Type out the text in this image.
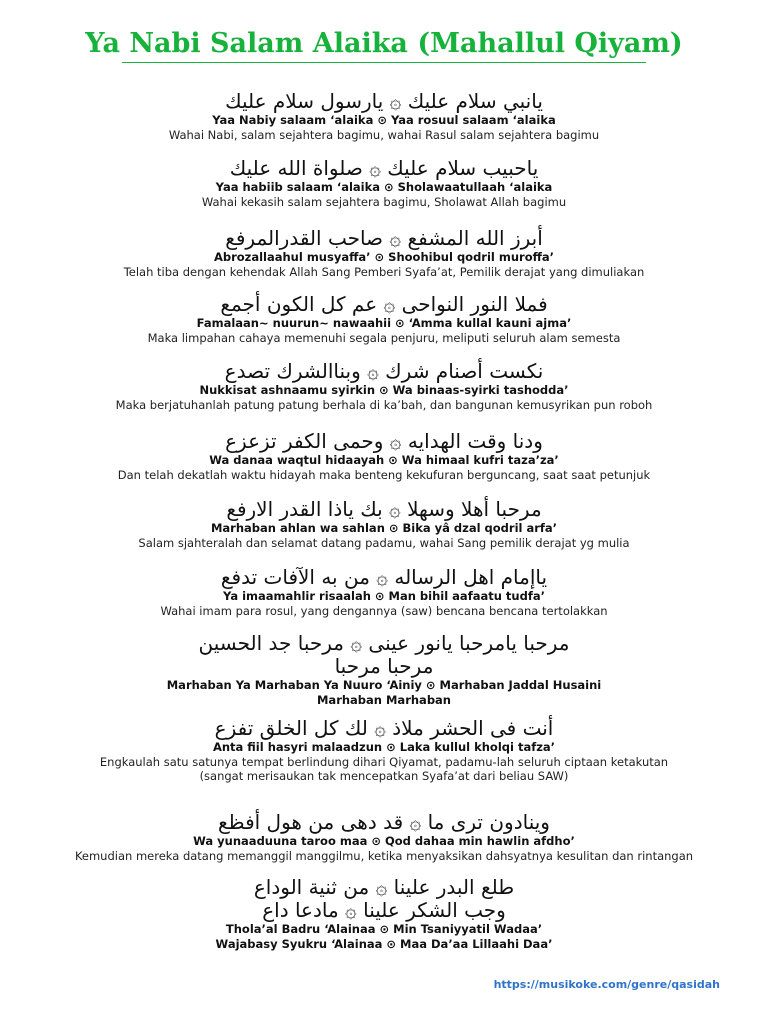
Ya Nabi Salam Alaika (Mahallul Qiyam)
يانبي سلام عليك ۞ يارسول سلام عليك
Yaa Nabiy salaam ‘alaika ⊙ Yaa rosuul salaam ‘alaika
Wahai Nabi, salam sejahtera bagimu, wahai Rasul salam sejahtera bagimu
ياحبيب سلام عليك ۞ صلواة الله عليك
Yaa habiib salaam ‘alaika ⊙ Sholawaatullaah ‘alaika
Wahai kekasih salam sejahtera bagimu, Sholawat Allah bagimu
أبرز الله المشفع ۞ صاحب القدرالمرفع
Abrozallaahul musyaffa’ ⊙ Shoohibul qodril muroffa’
Telah tiba dengan kehendak Allah Sang Pemberi Syafa’at, Pemilik derajat yang dimuliakan
فملا النور النواحى ۞ عم كل الكون أجمع
Famalaan~ nuurun~ nawaahii ⊙ ‘Amma kullal kauni ajma’
Maka limpahan cahaya memenuhi segala penjuru, meliputi seluruh alam semesta
نكست أصنام شرك ۞ وبناالشرك تصدع
Nukkisat ashnaamu syirkin ⊙ Wa binaas-syirki tashodda’
Maka berjatuhanlah patung patung berhala di ka’bah, dan bangunan kemusyrikan pun roboh
ودنا وقت الهدايه ۞ وحمى الكفر تزعزع
Wa danaa waqtul hidaayah ⊙ Wa himaal kufri taza’za’
Dan telah dekatlah waktu hidayah maka benteng kekufuran berguncang, saat saat petunjuk
مرحبا أهلا وسهلا ۞ بك ياذا القدر الارفع
Marhaban ahlan wa sahlan ⊙ Bika yâ dzal qodril arfa’
Salam sjahteralah dan selamat datang padamu, wahai Sang pemilik derajat yg mulia
ياإمام اهل الرساله ۞ من به الآفات تدفع
Ya imaamahlir risaalah ⊙ Man bihil aafaatu tudfa’
Wahai imam para rosul, yang dengannya (saw) bencana bencana tertolakkan
مرحبا يامرحبا يانور عينى ۞ مرحبا جد الحسين
مرحبا مرحبا
Marhaban Ya Marhaban Ya Nuuro ‘Ainiy ⊙ Marhaban Jaddal Husaini
Marhaban Marhaban
أنت فى الحشر ملاذ ۞ لك كل الخلق تفزع
Anta fiil hasyri malaadzun ⊙ Laka kullul kholqi tafza’
Engkaulah satu satunya tempat berlindung dihari Qiyamat, padamu-lah seluruh ciptaan ketakutan
(sangat merisaukan tak mencepatkan Syafa’at dari beliau SAW)
وينادون ترى ما ۞ قد دهى من هول أفظع
Wa yunaaduuna taroo maa ⊙ Qod dahaa min hawlin afdho’
Kemudian mereka datang memanggil manggilmu, ketika menyaksikan dahsyatnya kesulitan dan rintangan
طلع البدر علينا ۞ من ثنية الوداع
وجب الشكر علينا ۞ مادعا داع
Thola’al Badru ‘Alainaa ⊙ Min Tsaniyyatil Wadaa’
Wajabasy Syukru ‘Alainaa ⊙ Maa Da’aa Lillaahi Daa’
https://musikoke.com/genre/qasidah
